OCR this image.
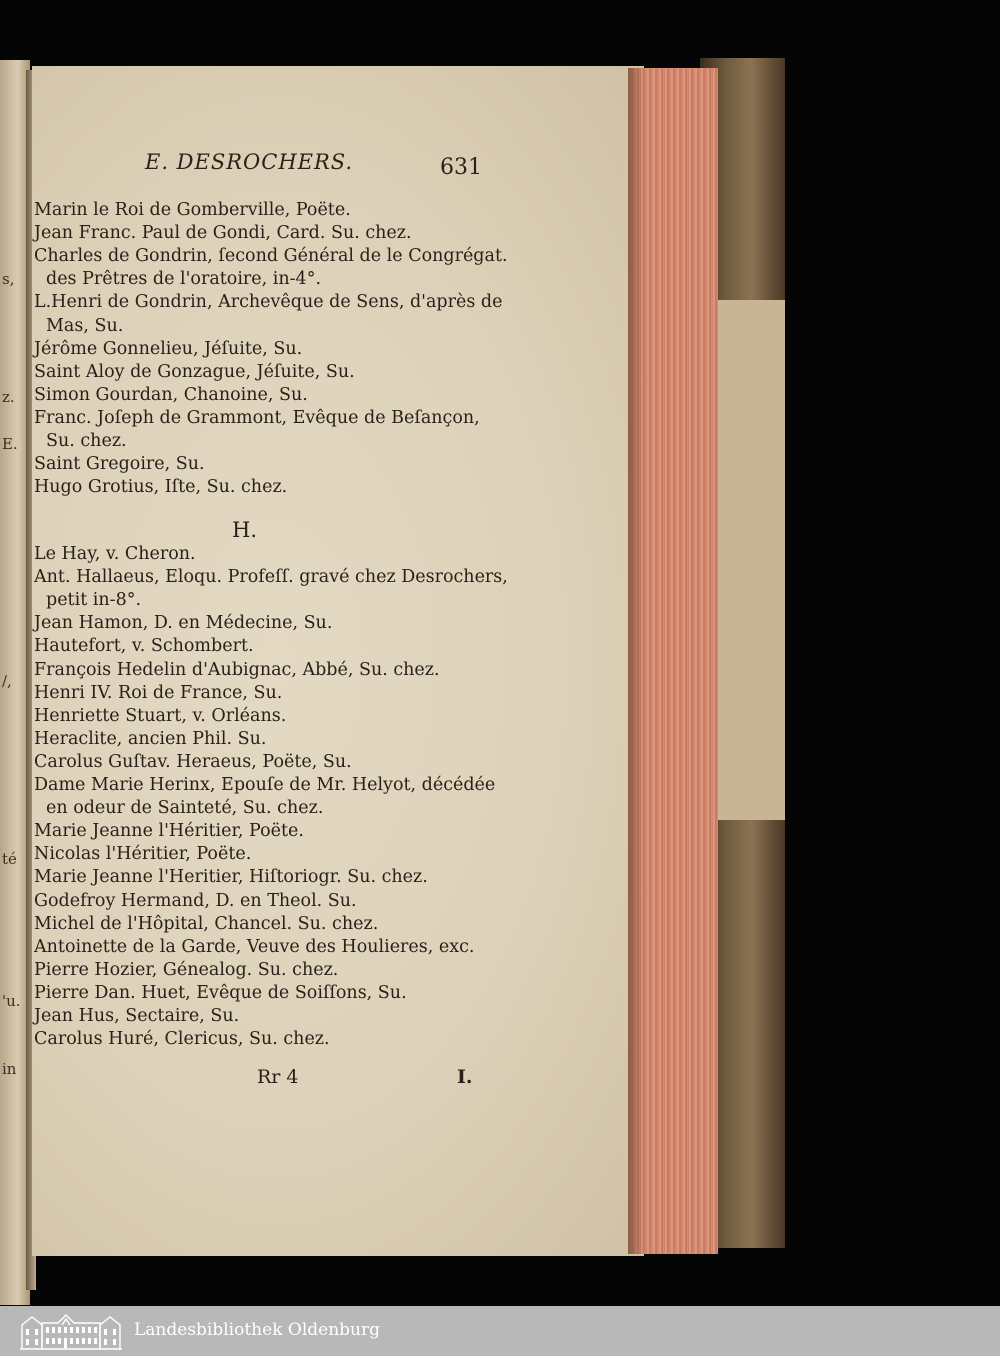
E. DESROCHERS.	631
Marin le Roi de Gomberville, Poëte.
Jean Franc. Paul de Gondi, Card. Su. chez.
Charles de Gondrin, ſecond Général de le Congrégat.
des Prêtres de l'oratoire, in-4°.
L.Henri de Gondrin, Archevêque de Sens, d'après de
Mas, Su.
Jérôme Gonnelieu, Jéſuite, Su.
Saint Aloy de Gonzague, Jéſuite, Su.
Simon Gourdan, Chanoine, Su.
Franc. Joſeph de Grammont, Evêque de Beſançon,
Su. chez.
Saint Gregoire, Su.
Hugo Grotius, Iſte, Su. chez.
H.
Le Hay, v. Cheron.
Ant. Hallaeus, Eloqu. Profeſſ. gravé chez Desrochers,
petit in-8°.
Jean Hamon, D. en Médecine, Su.
Hautefort, v. Schombert.
François Hedelin d'Aubignac, Abbé, Su. chez.
Henri IV. Roi de France, Su.
Henriette Stuart, v. Orléans.
Heraclite, ancien Phil. Su.
Carolus Guſtav. Heraeus, Poëte, Su.
Dame Marie Herinx, Epouſe de Mr. Helyot, décédée
en odeur de Sainteté, Su. chez.
Marie Jeanne l'Héritier, Poëte.
Nicolas l'Héritier, Poëte.
Marie Jeanne l'Heritier, Hiſtoriogr. Su. chez.
Godefroy Hermand, D. en Theol. Su.
Michel de l'Hôpital, Chancel. Su. chez.
Antoinette de la Garde, Veuve des Houlieres, exc.
Pierre Hozier, Génealog. Su. chez.
Pierre Dan. Huet, Evêque de Soiſſons, Su.
Jean Hus, Sectaire, Su.
Carolus Huré, Clericus, Su. chez.
Rr 4	I.
s,
z.
E.
/,
té
'u.
in
Landesbibliothek Oldenburg
